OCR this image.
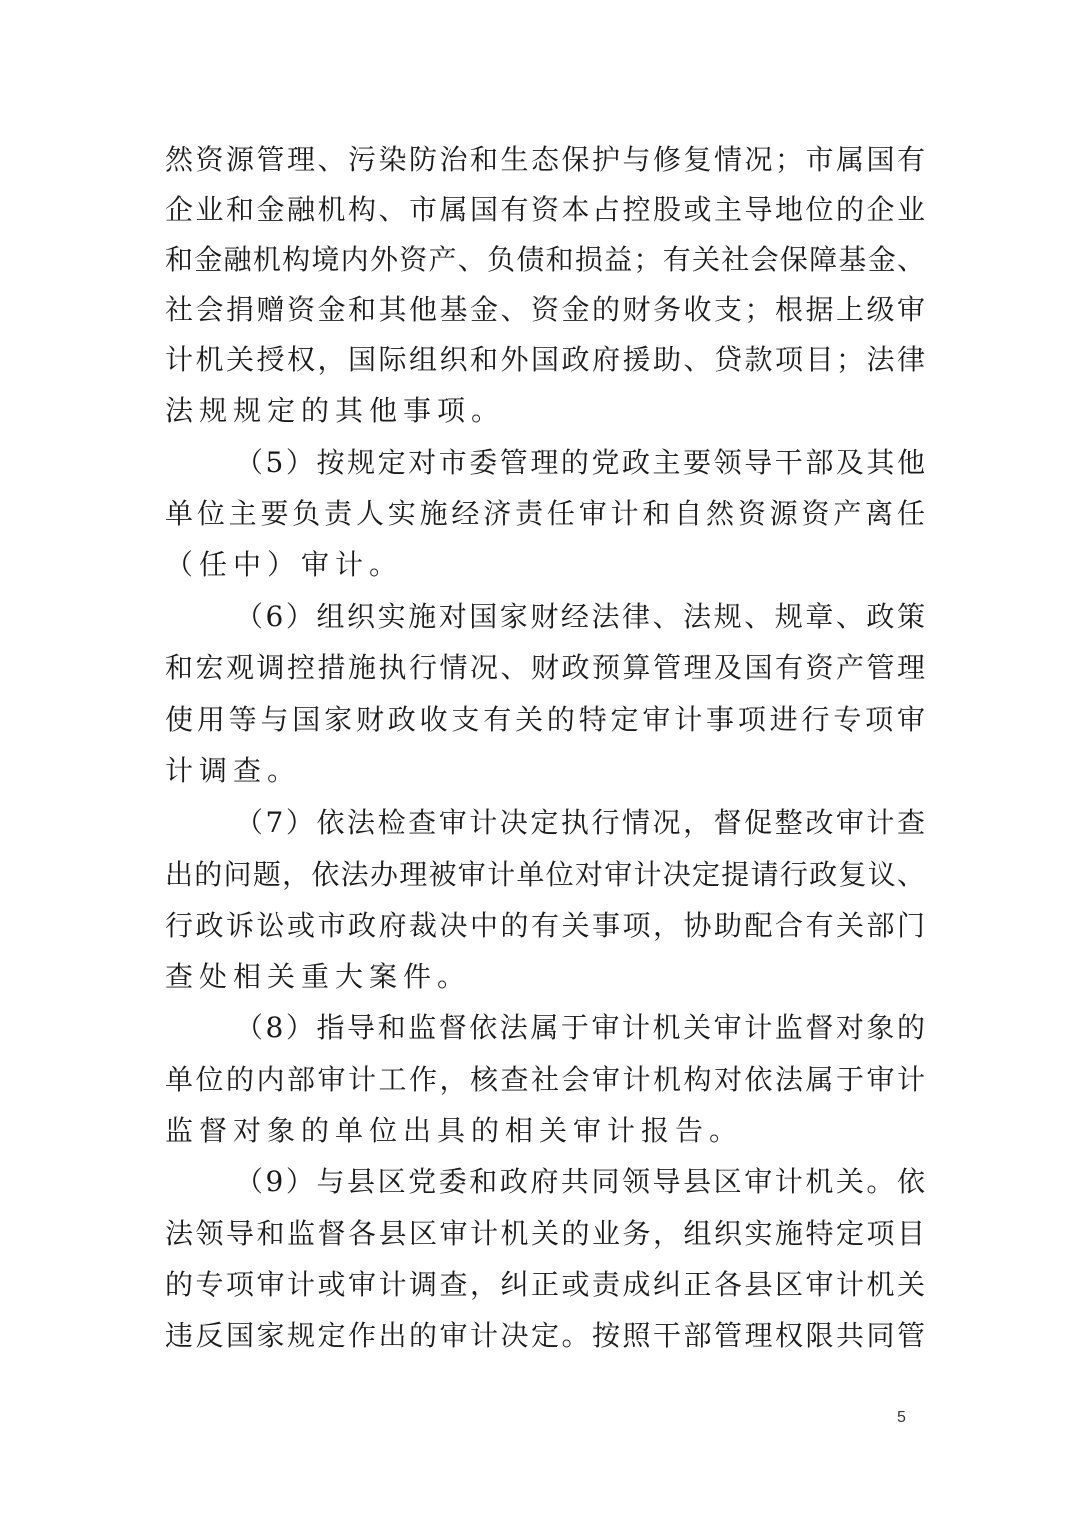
然资源管理、污染防治和生态保护与修复情况；市属国有
企业和金融机构、市属国有资本占控股或主导地位的企业
和金融机构境内外资产、负债和损益；有关社会保障基金、
社会捐赠资金和其他基金、资金的财务收支；根据上级审
计机关授权，国际组织和外国政府援助、贷款项目；法律
法规规定的其他事项。
（5）按规定对市委管理的党政主要领导干部及其他
单位主要负责人实施经济责任审计和自然资源资产离任
（任中）审计。
（6）组织实施对国家财经法律、法规、规章、政策
和宏观调控措施执行情况、财政预算管理及国有资产管理
使用等与国家财政收支有关的特定审计事项进行专项审
计调查。
（7）依法检查审计决定执行情况，督促整改审计查
出的问题，依法办理被审计单位对审计决定提请行政复议、
行政诉讼或市政府裁决中的有关事项，协助配合有关部门
查处相关重大案件。
（8）指导和监督依法属于审计机关审计监督对象的
单位的内部审计工作，核查社会审计机构对依法属于审计
监督对象的单位出具的相关审计报告。
（9）与县区党委和政府共同领导县区审计机关。依
法领导和监督各县区审计机关的业务，组织实施特定项目
的专项审计或审计调查，纠正或责成纠正各县区审计机关
违反国家规定作出的审计决定。按照干部管理权限共同管
5
